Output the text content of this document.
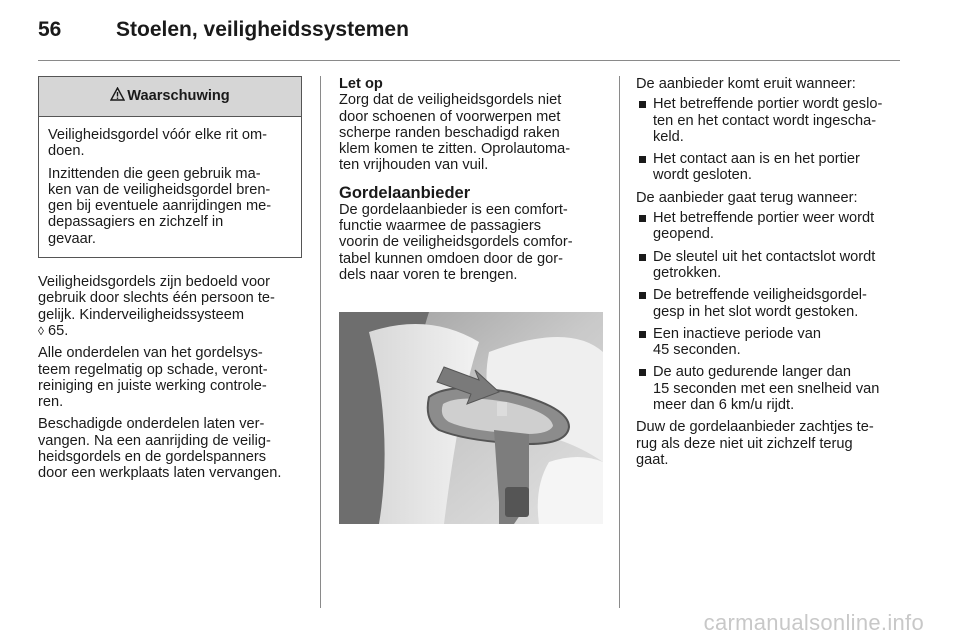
56	Stoelen, veiligheidssystemen
Waarschuwing

Veiligheidsgordel vóór elke rit om-
doen.

Inzittenden die geen gebruik ma-
ken van de veiligheidsgordel bren-
gen bij eventuele aanrijdingen me-
depassagiers en zichzelf in
gevaar.

Veiligheidsgordels zijn bedoeld voor
gebruik door slechts één persoon te-
gelijk. Kinderveiligheidssysteem
◊ 65.

Alle onderdelen van het gordelsys-
teem regelmatig op schade, veront-
reiniging en juiste werking controle-
ren.

Beschadigde onderdelen laten ver-
vangen. Na een aanrijding de veilig-
heidsgordels en de gordelspanners
door een werkplaats laten vervangen.

Let op

Zorg dat de veiligheidsgordels niet
door schoenen of voorwerpen met
scherpe randen beschadigd raken
klem komen te zitten. Oprolautoma-
ten vrijhouden van vuil.

Gordelaanbieder

De gordelaanbieder is een comfort-
functie waarmee de passagiers
voorin de veiligheidsgordels comfor-
tabel kunnen omdoen door de gor-
dels naar voren te brengen.

De aanbieder komt eruit wanneer:

Het betreffende portier wordt geslo-
ten en het contact wordt ingescha-
keld.
Het contact aan is en het portier
wordt gesloten.

De aanbieder gaat terug wanneer:

Het betreffende portier weer wordt
geopend.
De sleutel uit het contactslot wordt
getrokken.
De betreffende veiligheidsgordel-
gesp in het slot wordt gestoken.
Een inactieve periode van
45 seconden.
De auto gedurende langer dan
15 seconden met een snelheid van
meer dan 6 km/u rijdt.

Duw de gordelaanbieder zachtjes te-
rug als deze niet uit zichzelf terug
gaat.

carmanualsonline.info
